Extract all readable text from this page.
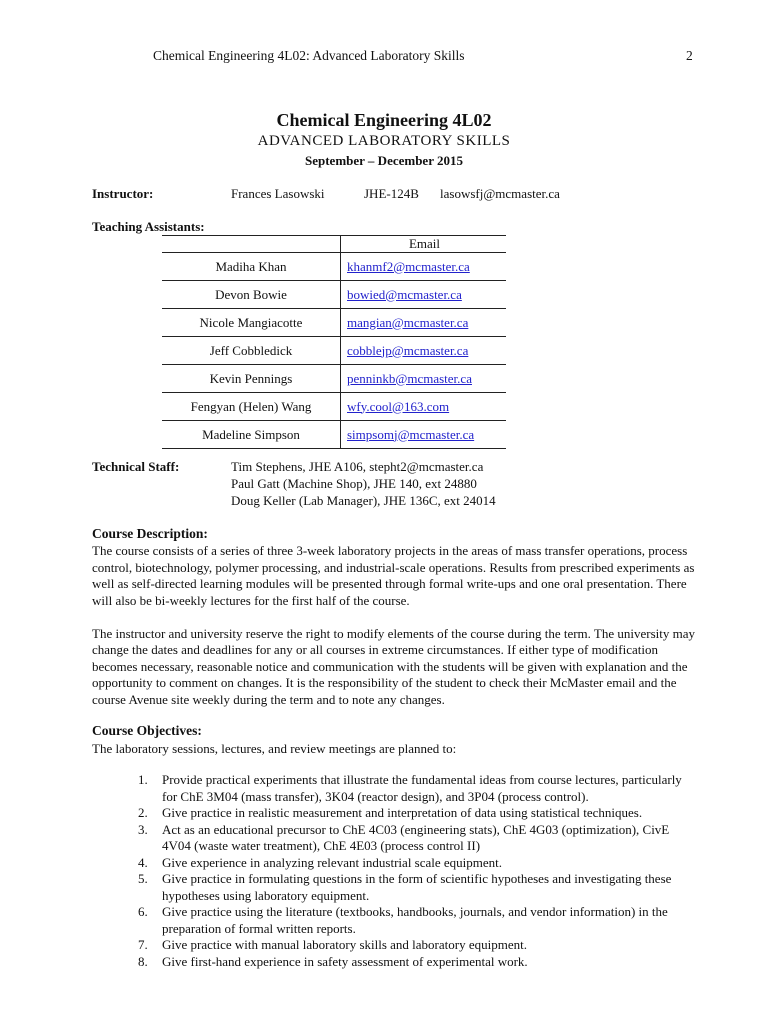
Chemical Engineering 4L02: Advanced Laboratory Skills	2
Chemical Engineering 4L02
ADVANCED LABORATORY SKILLS
September – December 2015
Instructor:	Frances Lasowski	JHE-124B lasowsfj@mcmaster.ca
Teaching Assistants:
	Email
Madiha Khan	khanmf2@mcmaster.ca
Devon Bowie	bowied@mcmaster.ca
Nicole Mangiacotte	mangian@mcmaster.ca
Jeff Cobbledick	cobblejp@mcmaster.ca
Kevin Pennings	penninkb@mcmaster.ca
Fengyan (Helen) Wang	wfy.cool@163.com
Madeline Simpson	simpsomj@mcmaster.ca
Technical Staff:	Tim Stephens, JHE A106, stepht2@mcmaster.ca
Paul Gatt (Machine Shop), JHE 140, ext 24880
Doug Keller (Lab Manager), JHE 136C, ext 24014
Course Description:

The course consists of a series of three 3-week laboratory projects in the areas of mass transfer operations, process control, biotechnology, polymer processing, and industrial-scale operations. Results from prescribed experiments as well as self-directed learning modules will be presented through formal write-ups and one oral presentation. There will also be bi-weekly lectures for the first half of the course.

The instructor and university reserve the right to modify elements of the course during the term. The university may change the dates and deadlines for any or all courses in extreme circumstances. If either type of modification becomes necessary, reasonable notice and communication with the students will be given with explanation and the opportunity to comment on changes. It is the responsibility of the student to check their McMaster email and the course Avenue site weekly during the term and to note any changes.

Course Objectives:
The laboratory sessions, lectures, and review meetings are planned to:
1. Provide practical experiments that illustrate the fundamental ideas from course lectures, particularly for ChE 3M04 (mass transfer), 3K04 (reactor design), and 3P04 (process control).
2. Give practice in realistic measurement and interpretation of data using statistical techniques.
3. Act as an educational precursor to ChE 4C03 (engineering stats), ChE 4G03 (optimization), CivE 4V04 (waste water treatment), ChE 4E03 (process control II)
4. Give experience in analyzing relevant industrial scale equipment.
5. Give practice in formulating questions in the form of scientific hypotheses and investigating these hypotheses using laboratory equipment.
6. Give practice using the literature (textbooks, handbooks, journals, and vendor information) in the preparation of formal written reports.
7. Give practice with manual laboratory skills and laboratory equipment.
8. Give first-hand experience in safety assessment of experimental work.
